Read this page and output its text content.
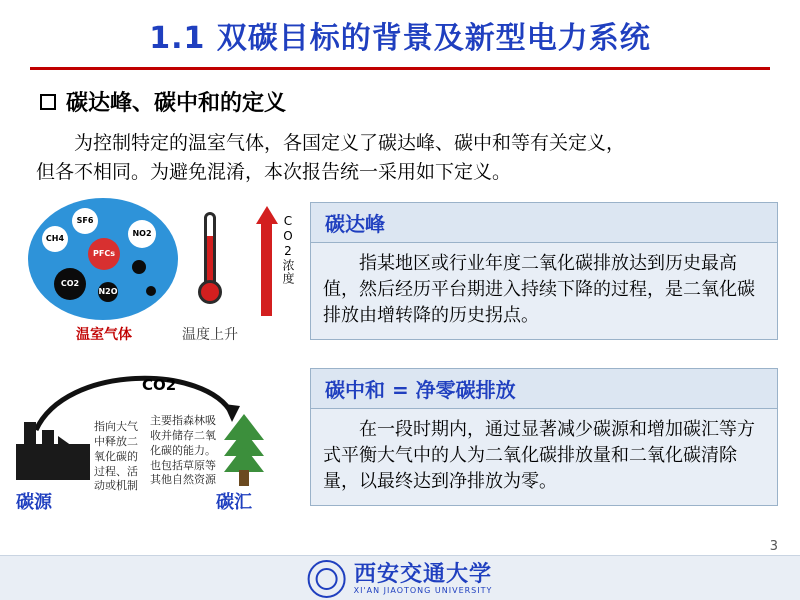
1.1 双碳目标的背景及新型电力系统
碳达峰、碳中和的定义

为控制特定的温室气体，各国定义了碳达峰、碳中和等有关定义，
但各不相同。为避免混淆，本次报告统一采用如下定义。

SF6
CH4
NO2
PFCs
CO2
N2O
温室气体	温度上升
CO2浓度
CO2
指向大气中释放二氧化碳的过程、活动或机制
主要指森林吸收并储存二氧化碳的能力。也包括草原等其他自然资源
碳源	碳汇
碳达峰
指某地区或行业年度二氧化碳排放达到历史最高值，然后经历平台期进入持续下降的过程，是二氧化碳排放由增转降的历史拐点。
碳中和 = 净零碳排放
在一段时期内，通过显著减少碳源和增加碳汇等方式平衡大气中的人为二氧化碳排放量和二氧化碳清除量，以最终达到净排放为零。
3
西安交通大学
XI'AN JIAOTONG UNIVERSITY
